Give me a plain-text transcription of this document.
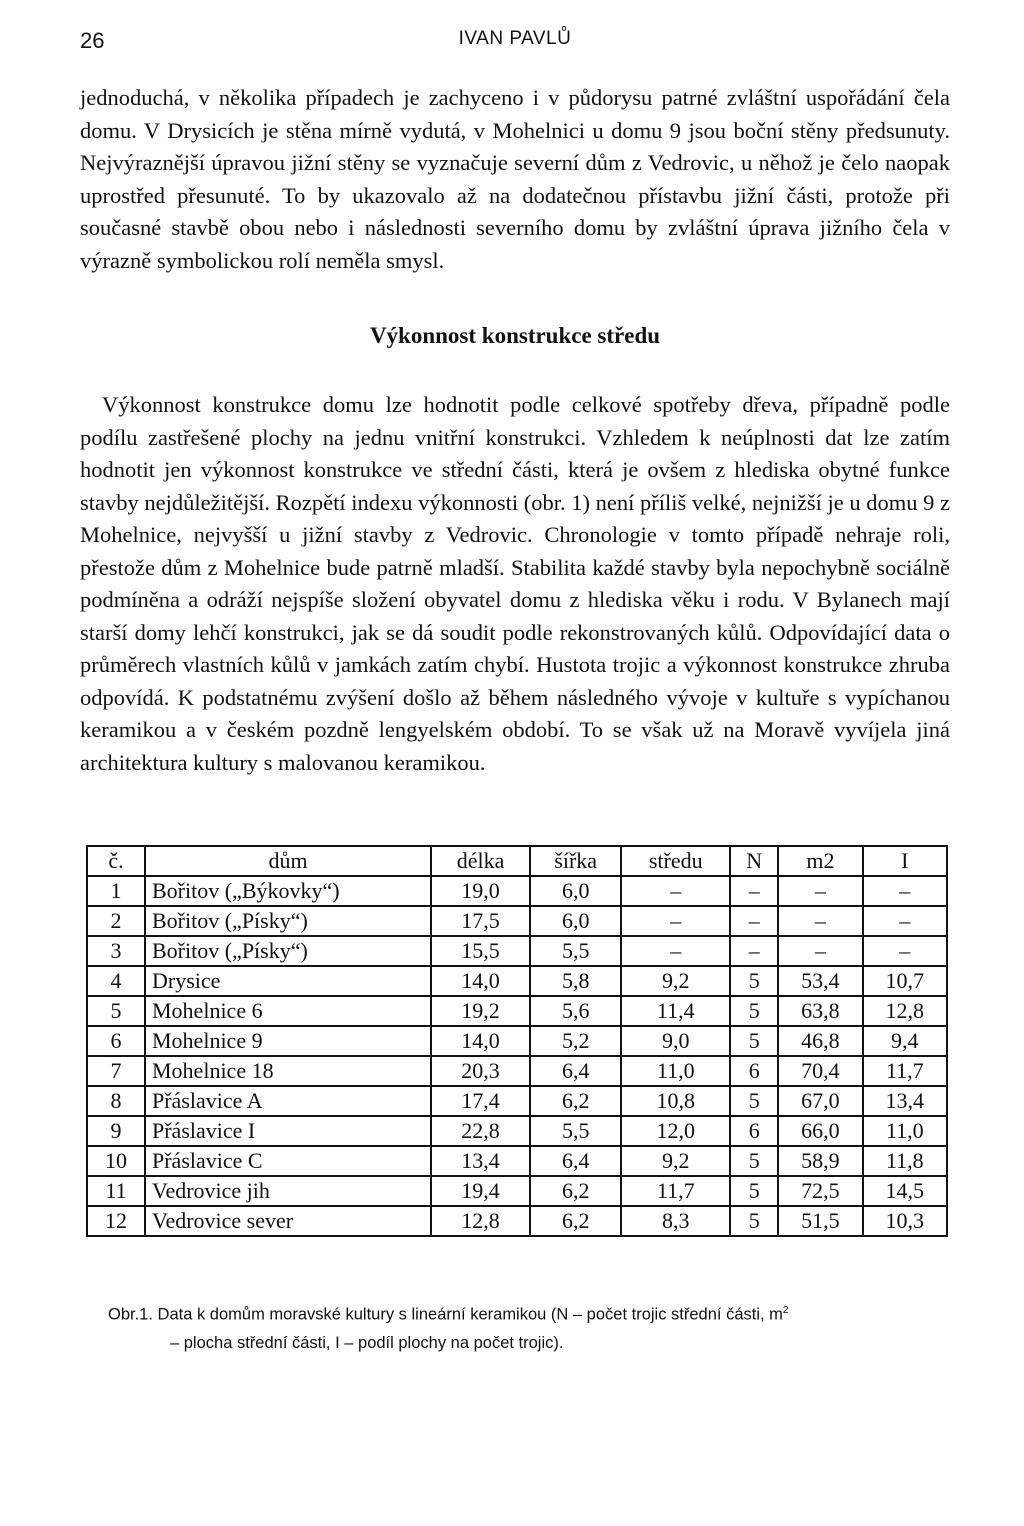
26	IVAN PAVLŮ

jednoduchá, v několika případech je zachyceno i v půdorysu patrné zvláštní uspořádání čela domu. V Drysicích je stěna mírně vydutá, v Mohelnici u domu 9 jsou boční stěny předsunuty. Nejvýraznější úpravou jižní stěny se vyznačuje severní dům z Vedrovic, u něhož je čelo naopak uprostřed přesunuté. To by ukazovalo až na dodatečnou přístavbu jižní části, protože při současné stavbě obou nebo i následnosti severního domu by zvláštní úprava jižního čela v výrazně symbolickou rolí neměla smysl.

Výkonnost konstrukce středu

Výkonnost konstrukce domu lze hodnotit podle celkové spotřeby dřeva, případně podle podílu zastřešené plochy na jednu vnitřní konstrukci. Vzhledem k neúplnosti dat lze zatím hodnotit jen výkonnost konstrukce ve střední části, která je ovšem z hlediska obytné funkce stavby nejdůležitější. Rozpětí indexu výkonnosti (obr. 1) není příliš velké, nejnižší je u domu 9 z Mohelnice, nejvyšší u jižní stavby z Vedrovic. Chronologie v tomto případě nehraje roli, přestože dům z Mohelnice bude patrně mladší. Stabilita každé stavby byla nepochybně sociálně podmíněna a odráží nejspíše složení obyvatel domu z hlediska věku i rodu. V Bylanech mají starší domy lehčí konstrukci, jak se dá soudit podle rekonstrovaných kůlů. Odpovídající data o průměrech vlastních kůlů v jamkách zatím chybí. Hustota trojic a výkonnost konstrukce zhruba odpovídá. K podstatnému zvýšení došlo až během následného vývoje v kultuře s vypíchanou keramikou a v českém pozdně lengyelském období. To se však už na Moravě vyvíjela jiná architektura kultury s malovanou keramikou.

č.	dům	délka	šířka	středu	N	m2	I
1	Bořitov („Býkovky“)	19,0	6,0	–	–	–	–
2	Bořitov („Písky“)	17,5	6,0	–	–	–	–
3	Bořitov („Písky“)	15,5	5,5	–	–	–	–
4	Drysice	14,0	5,8	9,2	5	53,4	10,7
5	Mohelnice 6	19,2	5,6	11,4	5	63,8	12,8
6	Mohelnice 9	14,0	5,2	9,0	5	46,8	9,4
7	Mohelnice 18	20,3	6,4	11,0	6	70,4	11,7
8	Přáslavice A	17,4	6,2	10,8	5	67,0	13,4
9	Přáslavice I	22,8	5,5	12,0	6	66,0	11,0
10	Přáslavice C	13,4	6,4	9,2	5	58,9	11,8
11	Vedrovice jih	19,4	6,2	11,7	5	72,5	14,5
12	Vedrovice sever	12,8	6,2	8,3	5	51,5	10,3
Obr.1. Data k domům moravské kultury s lineární keramikou (N – počet trojic střední části, $m^2$
– plocha střední části, I – podíl plochy na počet trojic).
